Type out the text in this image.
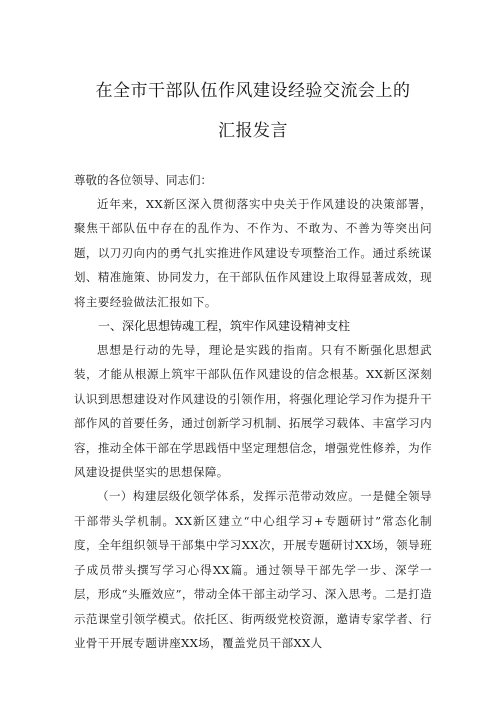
在全市干部队伍作风建设经验交流会上的
汇报发言
尊敬的各位领导、同志们：

近年来，XX新区深入贯彻落实中央关于作风建设的决策部署，聚焦干部队伍中存在的乱作为、不作为、不敢为、不善为等突出问题，以刀刃向内的勇气扎实推进作风建设专项整治工作。通过系统谋划、精准施策、协同发力，在干部队伍作风建设上取得显著成效，现将主要经验做法汇报如下。

一、深化思想铸魂工程，筑牢作风建设精神支柱

思想是行动的先导，理论是实践的指南。只有不断强化思想武装，才能从根源上筑牢干部队伍作风建设的信念根基。XX新区深刻认识到思想建设对作风建设的引领作用，将强化理论学习作为提升干部作风的首要任务，通过创新学习机制、拓展学习载体、丰富学习内容，推动全体干部在学思践悟中坚定理想信念，增强党性修养，为作风建设提供坚实的思想保障。

（一）构建层级化领学体系，发挥示范带动效应。一是健全领导干部带头学机制。XX新区建立“中心组学习+专题研讨”常态化制度，全年组织领导干部集中学习XX次，开展专题研讨XX场，领导班子成员带头撰写学习心得XX篇。通过领导干部先学一步、深学一层，形成“头雁效应”，带动全体干部主动学习、深入思考。二是打造示范课堂引领学模式。依托区、街两级党校资源，邀请专家学者、行业骨干开展专题讲座XX场，覆盖党员干部XX人
